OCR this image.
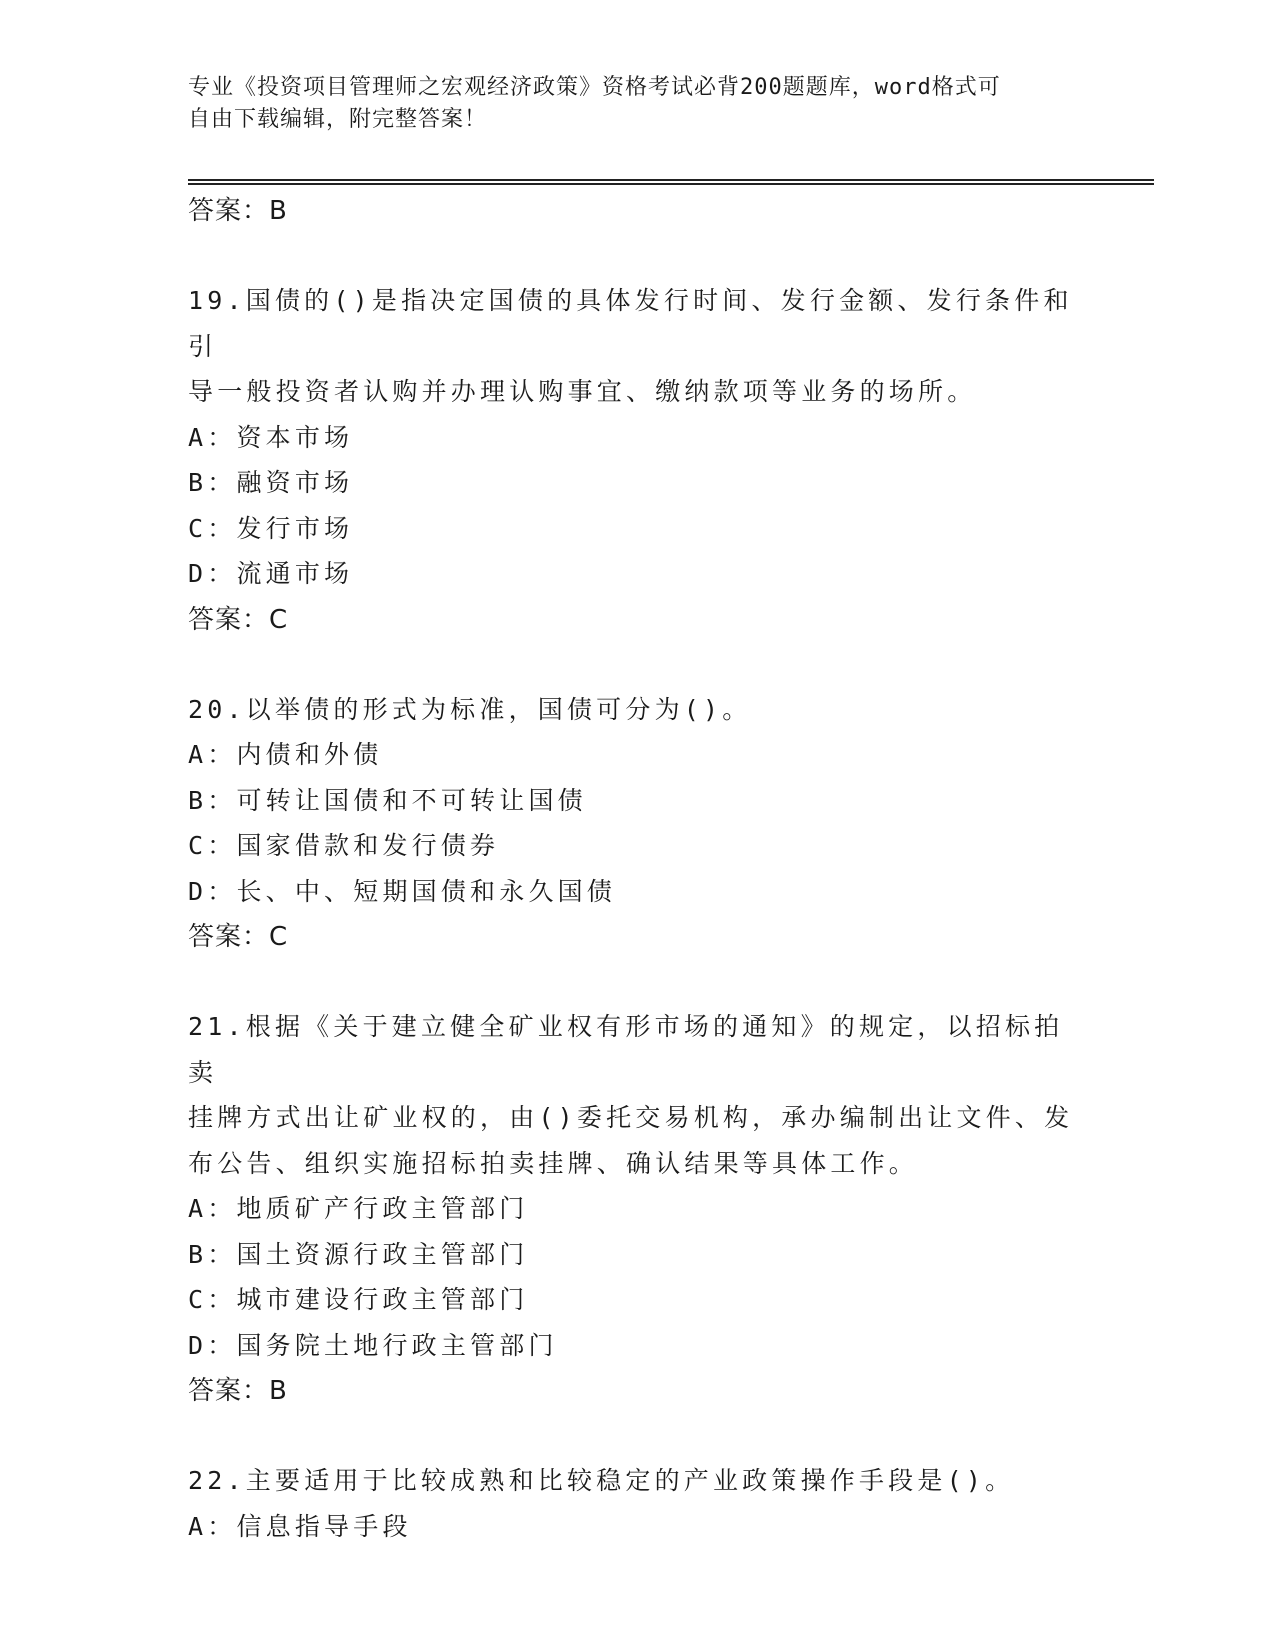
专业《投资项目管理师之宏观经济政策》资格考试必背200题题库，word格式可
自由下载编辑，附完整答案！
答案：B
19.国债的()是指决定国债的具体发行时间、发行金额、发行条件和引
导一般投资者认购并办理认购事宜、缴纳款项等业务的场所。
A：资本市场
B：融资市场
C：发行市场
D：流通市场
答案：C
20.以举债的形式为标准，国债可分为()。
A：内债和外债
B：可转让国债和不可转让国债
C：国家借款和发行债券
D：长、中、短期国债和永久国债
答案：C
21.根据《关于建立健全矿业权有形市场的通知》的规定，以招标拍卖
挂牌方式出让矿业权的，由()委托交易机构，承办编制出让文件、发
布公告、组织实施招标拍卖挂牌、确认结果等具体工作。
A：地质矿产行政主管部门
B：国土资源行政主管部门
C：城市建设行政主管部门
D：国务院土地行政主管部门
答案：B
22.主要适用于比较成熟和比较稳定的产业政策操作手段是()。
A：信息指导手段
